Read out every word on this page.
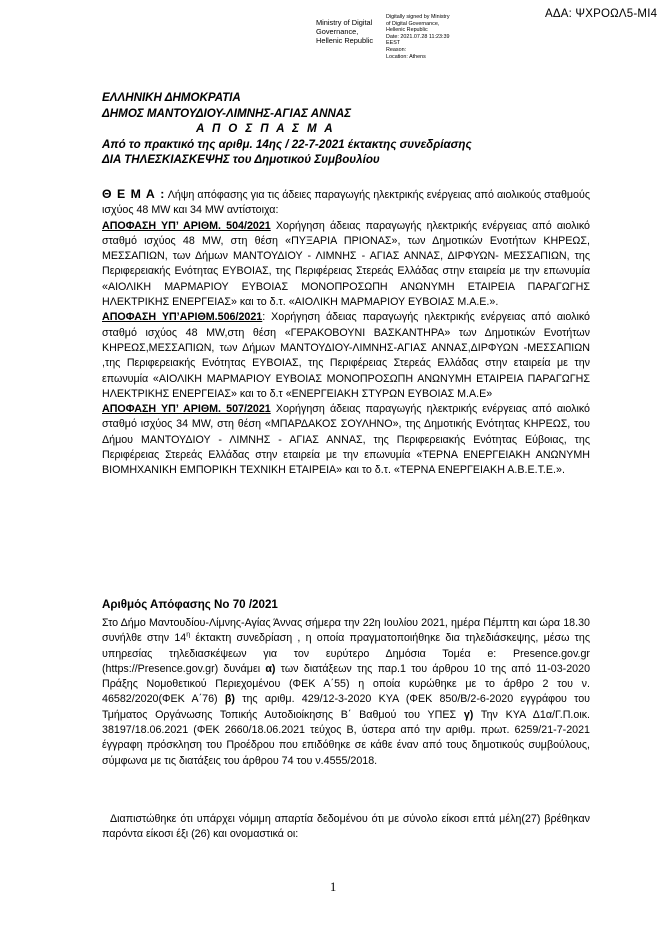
ΑΔΑ: ΨΧΡΟΩΛ5-ΜΙ4
Ministry of Digital
Governance,
Hellenic Republic
Digitally signed by Ministry
of Digital Governance,
Hellenic Republic
Date: 2021.07.28 11:23:39
EEST
Reason:
Location: Athens
ΕΛΛΗΝΙΚΗ ΔΗΜΟΚΡΑΤΙΑ
ΔΗΜΟΣ ΜΑΝΤΟΥΔΙΟΥ-ΛΙΜΝΗΣ-ΑΓΙΑΣ ΑΝΝΑΣ
Α Π Ο Σ Π Α Σ Μ Α
Από το πρακτικό της αριθμ. 14ης / 22-7-2021 έκτακτης συνεδρίασης
ΔΙΑ ΤΗΛΕΣΚΙΑΣΚΕΨΗΣ του Δημοτικού Συμβουλίου
Θ Ε Μ Α : Λήψη απόφασης για τις άδειες παραγωγής ηλεκτρικής ενέργειας από αιολικούς σταθμούς ισχύος 48 MW και 34 MW αντίστοιχα:
ΑΠΟΦΑΣΗ ΥΠ’ ΑΡΙΘΜ. 504/2021 Χορήγηση άδειας παραγωγής ηλεκτρικής ενέργειας από αιολικό σταθμό ισχύος 48 MW, στη θέση «ΠΥΞΑΡΙΑ ΠΡΙΟΝΑΣ», των Δημοτικών Ενοτήτων ΚΗΡΕΩΣ, ΜΕΣΣΑΠΙΩΝ, των Δήμων ΜΑΝΤΟΥΔΙΟΥ - ΛΙΜΝΗΣ - ΑΓΙΑΣ ΑΝΝΑΣ, ΔΙΡΦΥΩΝ- ΜΕΣΣΑΠΙΩΝ, της Περιφερειακής Ενότητας ΕΥΒΟΙΑΣ, της Περιφέρειας Στερεάς Ελλάδας στην εταιρεία με την επωνυμία «ΑΙΟΛΙΚΗ ΜΑΡΜΑΡΙΟΥ ΕΥΒΟΙΑΣ ΜΟΝΟΠΡΟΣΩΠΗ ΑΝΩΝΥΜΗ ΕΤΑΙΡΕΙΑ ΠΑΡΑΓΩΓΗΣ ΗΛΕΚΤΡΙΚΗΣ ΕΝΕΡΓΕΙΑΣ» και το δ.τ. «ΑΙΟΛΙΚΗ ΜΑΡΜΑΡΙΟΥ ΕΥΒΟΙΑΣ Μ.Α.Ε.».
ΑΠΟΦΑΣΗ ΥΠ’ΑΡΙΘΜ.506/2021: Χορήγηση άδειας παραγωγής ηλεκτρικής ενέργειας από αιολικό σταθμό ισχύος 48 MW,στη θέση «ΓΕΡΑΚΟΒΟΥΝΙ ΒΑΣΚΑΝΤΗΡΑ» των Δημοτικών Ενοτήτων ΚΗΡΕΩΣ,ΜΕΣΣΑΠΙΩΝ, των Δήμων ΜΑΝΤΟΥΔΙΟΥ-ΛΙΜΝΗΣ-ΑΓΙΑΣ ΑΝΝΑΣ,ΔΙΡΦΥΩΝ -ΜΕΣΣΑΠΙΩΝ ,της Περιφερειακής Ενότητας ΕΥΒΟΙΑΣ, της Περιφέρειας Στερεάς Ελλάδας στην εταιρεία με την επωνυμία «ΑΙΟΛΙΚΗ ΜΑΡΜΑΡΙΟΥ ΕΥΒΟΙΑΣ ΜΟΝΟΠΡΟΣΩΠΗ ΑΝΩΝΥΜΗ ΕΤΑΙΡΕΙΑ ΠΑΡΑΓΩΓΗΣ ΗΛΕΚΤΡΙΚΗΣ ΕΝΕΡΓΕΙΑΣ» και το δ.τ «ΕΝΕΡΓΕΙΑΚΗ ΣΤΥΡΩΝ ΕΥΒΟΙΑΣ Μ.Α.Ε»
ΑΠΟΦΑΣΗ ΥΠ’ ΑΡΙΘΜ. 507/2021 Χορήγηση άδειας παραγωγής ηλεκτρικής ενέργειας από αιολικό σταθμό ισχύος 34 MW, στη θέση «ΜΠΑΡΔΑΚΟΣ ΣΟΥΛΗΝΟ», της Δημοτικής Ενότητας ΚΗΡΕΩΣ, του Δήμου ΜΑΝΤΟΥΔΙΟΥ - ΛΙΜΝΗΣ - ΑΓΙΑΣ ΑΝΝΑΣ, της Περιφερειακής Ενότητας Εύβοιας, της Περιφέρειας Στερεάς Ελλάδας στην εταιρεία με την επωνυμία «ΤΕΡΝΑ ΕΝΕΡΓΕΙΑΚΗ ΑΝΩΝΥΜΗ ΒΙΟΜΗΧΑΝΙΚΗ ΕΜΠΟΡΙΚΗ ΤΕΧΝΙΚΗ ΕΤΑΙΡΕΙΑ» και το δ.τ. «ΤΕΡΝΑ ΕΝΕΡΓΕΙΑΚΗ Α.Β.Ε.Τ.Ε.».
Αριθμός Απόφασης Νο 70 /2021
Στο Δήμο Μαντουδίου-Λίμνης-Αγίας Άννας σήμερα την 22η Ιουλίου 2021, ημέρα Πέμπτη και ώρα 18.30 συνήλθε στην $14^\eta$ έκτακτη συνεδρίαση , η οποία πραγματοποιήθηκε δια τηλεδιάσκεψης, μέσω της υπηρεσίας τηλεδιασκέψεων για τον ευρύτερο Δημόσια Τομέα e: Presence.gov.gr (https://Presence.gov.gr) δυνάμει α) των διατάξεων της παρ.1 του άρθρου 10 της από 11-03-2020 Πράξης Νομοθετικού Περιεχομένου (ΦΕΚ Α΄55) η οποία κυρώθηκε με το άρθρο 2 του ν. 46582/2020(ΦΕΚ Α΄76) β) της αριθμ. 429/12-3-2020 ΚΥΑ (ΦΕΚ 850/Β/2-6-2020 εγγράφου του Τμήματος Οργάνωσης Τοπικής Αυτοδιοίκησης Β΄ Βαθμού του ΥΠΕΣ γ) Την ΚΥΑ Δ1α/Γ.Π.οικ. 38197/18.06.2021 (ΦΕΚ 2660/18.06.2021 τεύχος Β, ύστερα από την αριθμ. πρωτ. 6259/21-7-2021 έγγραφη πρόσκληση του Προέδρου που επιδόθηκε σε κάθε έναν από τους δημοτικούς συμβούλους, σύμφωνα με τις διατάξεις του άρθρου 74 του ν.4555/2018.
Διαπιστώθηκε ότι υπάρχει νόμιμη απαρτία δεδομένου ότι με σύνολο είκοσι επτά μέλη(27) βρέθηκαν παρόντα είκοσι έξι (26) και ονομαστικά οι:
1
